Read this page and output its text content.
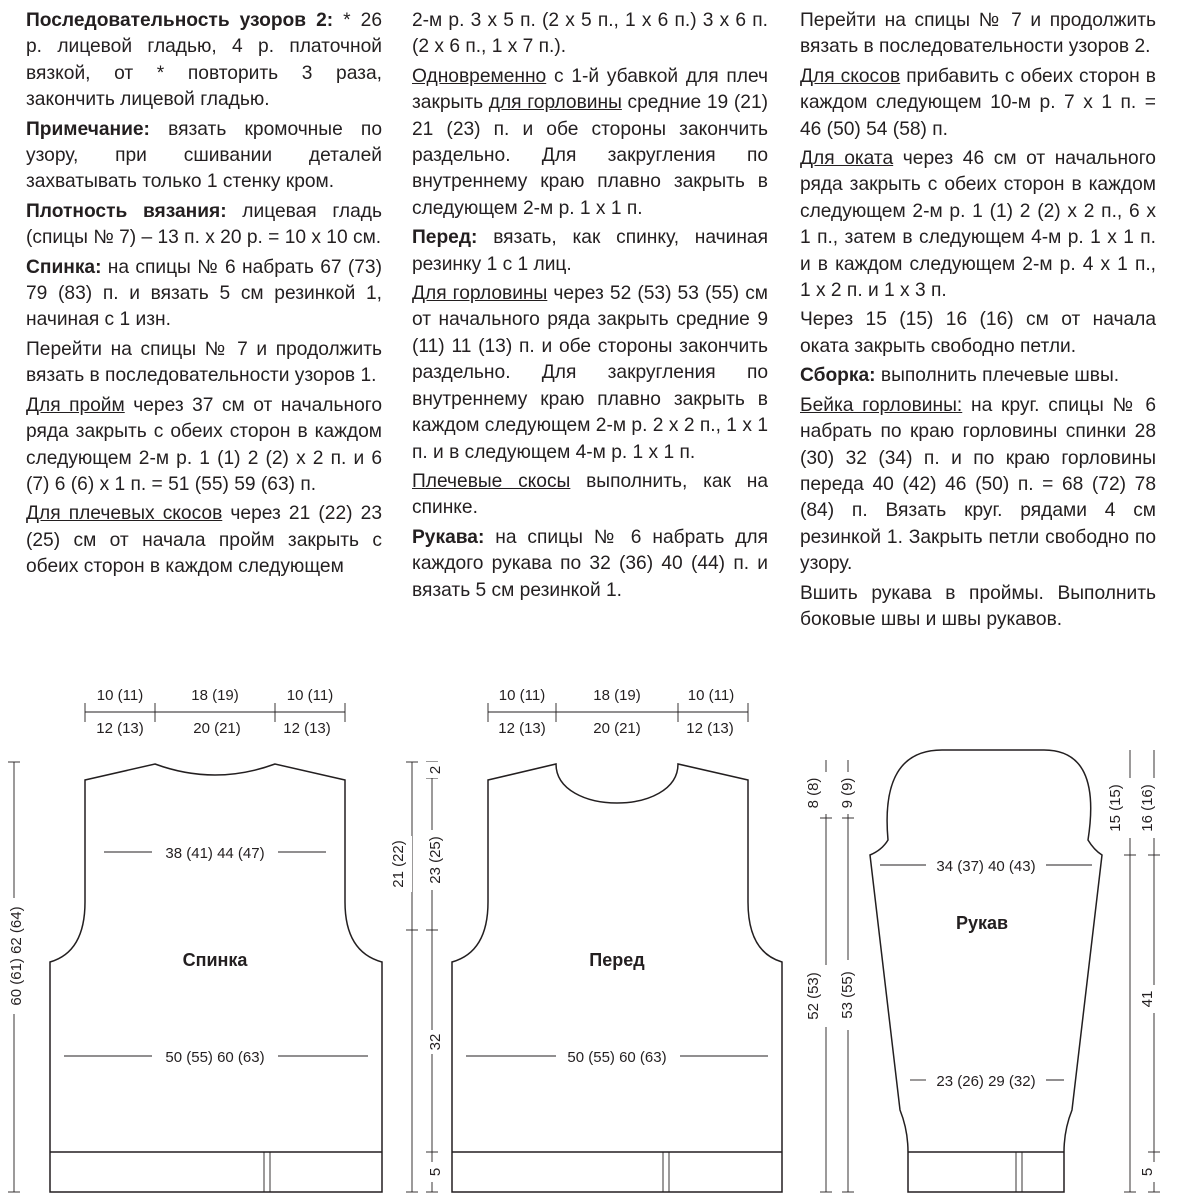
Последовательность узоров 2: * 26 р. лицевой гладью, 4 р. платочной вязкой, от * повторить 3 раза, закончить лицевой гладью.

Примечание: вязать кромочные по узору, при сшивании деталей захватывать только 1 стенку кром.

Плотность вязания: лицевая гладь (спицы № 7) – 13 п. х 20 р. = 10 х 10 см.

Спинка: на спицы № 6 набрать 67 (73) 79 (83) п. и вязать 5 см резинкой 1, начиная с 1 изн.

Перейти на спицы № 7 и продолжить вязать в последовательности узоров 1.

Для пройм через 37 см от начального ряда закрыть с обеих сторон в каждом следующем 2-м р. 1 (1) 2 (2) х 2 п. и 6 (7) 6 (6) х 1 п. = 51 (55) 59 (63) п.

Для плечевых скосов через 21 (22) 23 (25) см от начала пройм закрыть с обеих сторон в каждом следующем

2-м р. 3 х 5 п. (2 х 5 п., 1 х 6 п.) 3 х 6 п. (2 х 6 п., 1 х 7 п.).

Одновременно с 1-й убавкой для плеч закрыть для горловины средние 19 (21) 21 (23) п. и обе стороны закончить раздельно. Для закругления по внутреннему краю плавно закрыть в следующем 2-м р. 1 х 1 п.

Перед: вязать, как спинку, начиная резинку 1 с 1 лиц.

Для горловины через 52 (53) 53 (55) см от начального ряда закрыть средние 9 (11) 11 (13) п. и обе стороны закончить раздельно. Для закругления по внутреннему краю плавно закрыть в каждом следующем 2-м р. 2 х 2 п., 1 х 1 п. и в следующем 4-м р. 1 х 1 п.

Плечевые скосы выполнить, как на спинке.

Рукава: на спицы № 6 набрать для каждого рукава по 32 (36) 40 (44) п. и вязать 5 см резинкой 1.

Перейти на спицы № 7 и продолжить вязать в последовательности узоров 2.

Для скосов прибавить с обеих сторон в каждом следующем 10-м р. 7 х 1 п. = 46 (50) 54 (58) п.

Для оката через 46 см от начального ряда закрыть с обеих сторон в каждом следующем 2-м р. 1 (1) 2 (2) х 2 п., 6 х 1 п., затем в следующем 4-м р. 1 х 1 п. и в каждом следующем 2-м р. 4 х 1 п., 1 х 2 п. и 1 х 3 п.

Через 15 (15) 16 (16) см от начала оката закрыть свободно петли.

Сборка: выполнить плечевые швы.

Бейка горловины: на круг. спицы № 6 набрать по краю горловины спинки 28 (30) 32 (34) п. и по краю горловины переда 40 (42) 46 (50) п. = 68 (72) 78 (84) п. Вязать круг. рядами 4 см резинкой 1. Закрыть петли свободно по узору.

Вшить рукава в проймы. Выполнить боковые швы и швы рукавов.

10 (11)	18 (19)	10 (11)
12 (13)	20 (21)	12 (13)
38 (41) 44 (47)
Спинка
50 (55) 60 (63)
60 (61) 62 (64)
10 (11)	18 (19)	10 (11)
12 (13)	20 (21)	12 (13)
Перед
50 (55) 60 (63)
21 (22)
2
23 (25)
32
5
34 (37) 40 (43)
Рукав
23 (26) 29 (32)
8 (8)
52 (53)
9 (9)
53 (55)
15 (15) 16 (16)
41
5
